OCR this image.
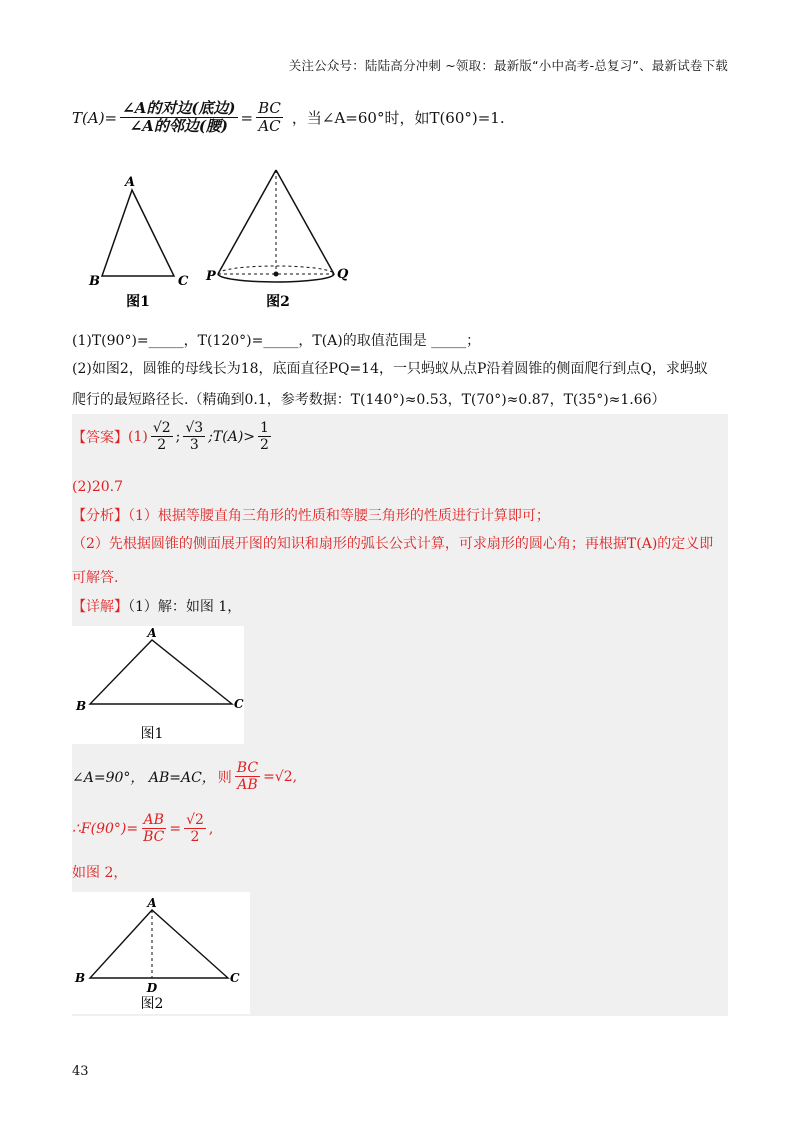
关注公众号：陆陆高分冲刺 ~领取：最新版“小中高考-总复习”、最新试卷下载
$T(A)= \frac{\text{∠A的对边(底边)}}{\text{∠A的邻边(腰)}} = \frac{BC}{AC}$ ，当∠A=60°时，如T(60°)=1.
A
B	C
图1
P	Q
图2
(1)T(90°)=_____，T(120°)=_____，T(A)的取值范围是 _____；
(2)如图2，圆锥的母线长为18，底面直径PQ=14，一只蚂蚁从点P沿着圆锥的侧面爬行到点Q，求蚂蚁
爬行的最短路径长.（精确到0.1，参考数据：T(140°)≈0.53，T(70°)≈0.87，T(35°)≈1.66）
【答案】 $(1) \frac{√2}{2}$ ; $\frac{√3}{3}$ ;T(A)> $\frac{1}{2}$
(2)20.7
【分析】（1）根据等腰直角三角形的性质和等腰三角形的性质进行计算即可；
（2）先根据圆锥的侧面展开图的知识和扇形的弧长公式计算，可求扇形的圆心角；再根据T(A)的定义即
可解答.
【详解】（1）解：如图 1，
A
B	C
图1
∠A=90°， AB=AC， 则 $\frac{BC}{AB} =√2$,
∴F(90°)= $\frac{AB}{BC} = \frac{√2}{2}$ ,
如图 2，
A
B	C
D
图2
43
